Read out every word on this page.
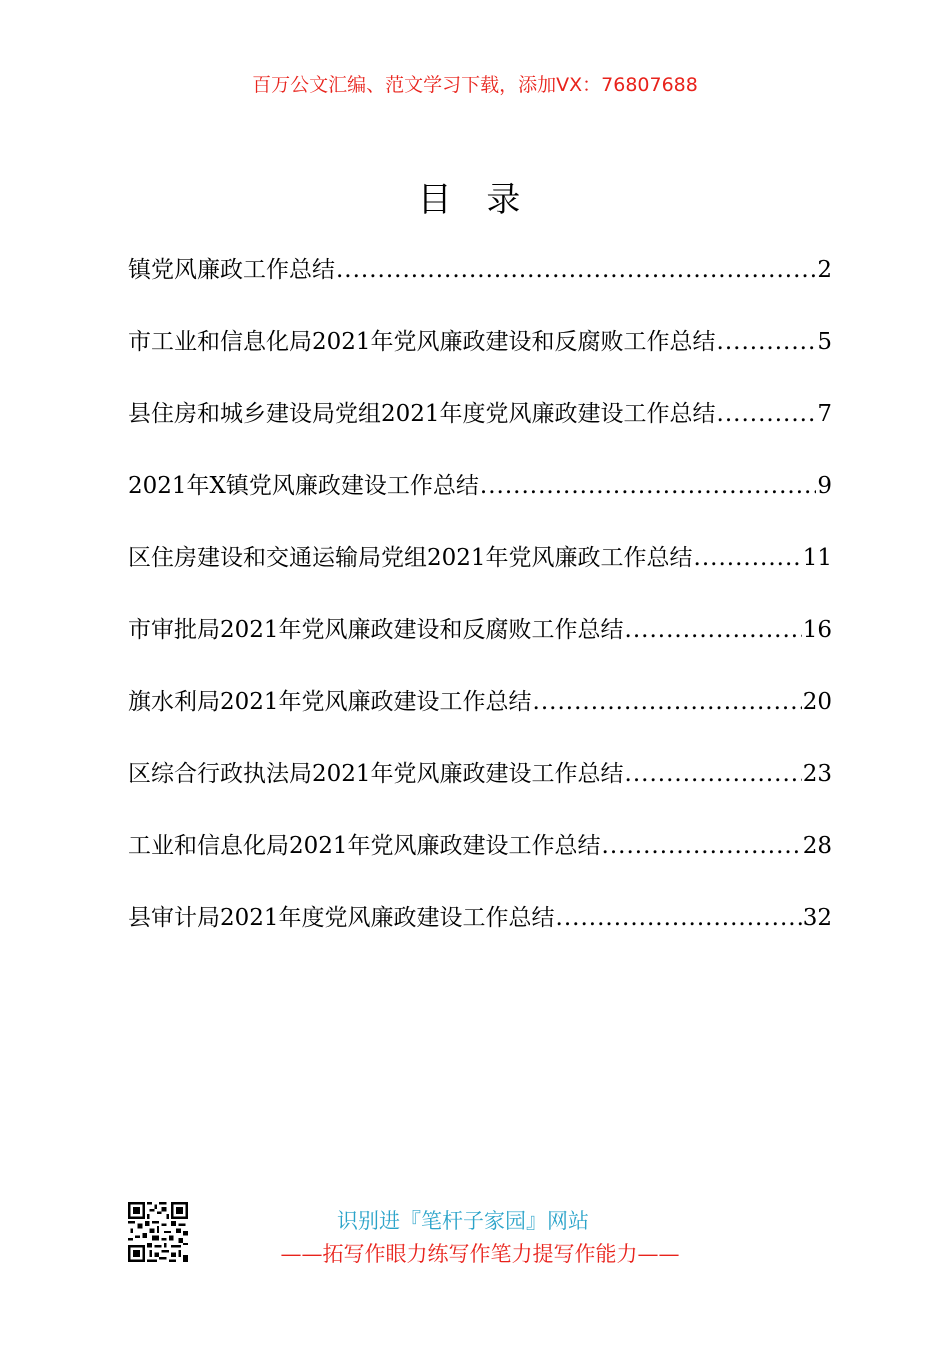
百万公文汇编、范文学习下载，添加VX：76807688
目 录
镇党风廉政工作总结 .....	2
市工业和信息化局2021年党风廉政建设和反腐败工作总结 .....	5
县住房和城乡建设局党组2021年度党风廉政建设工作总结 .....	7
2021年X镇党风廉政建设工作总结 .....	9
区住房建设和交通运输局党组2021年党风廉政工作总结 .....	11
市审批局2021年党风廉政建设和反腐败工作总结 .....	16
旗水利局2021年党风廉政建设工作总结 .....	20
区综合行政执法局2021年党风廉政建设工作总结 .....	23
工业和信息化局2021年党风廉政建设工作总结 .....	28
县审计局2021年度党风廉政建设工作总结 .....	32
识别进『笔杆子家园』网站
——拓写作眼力练写作笔力提写作能力——
